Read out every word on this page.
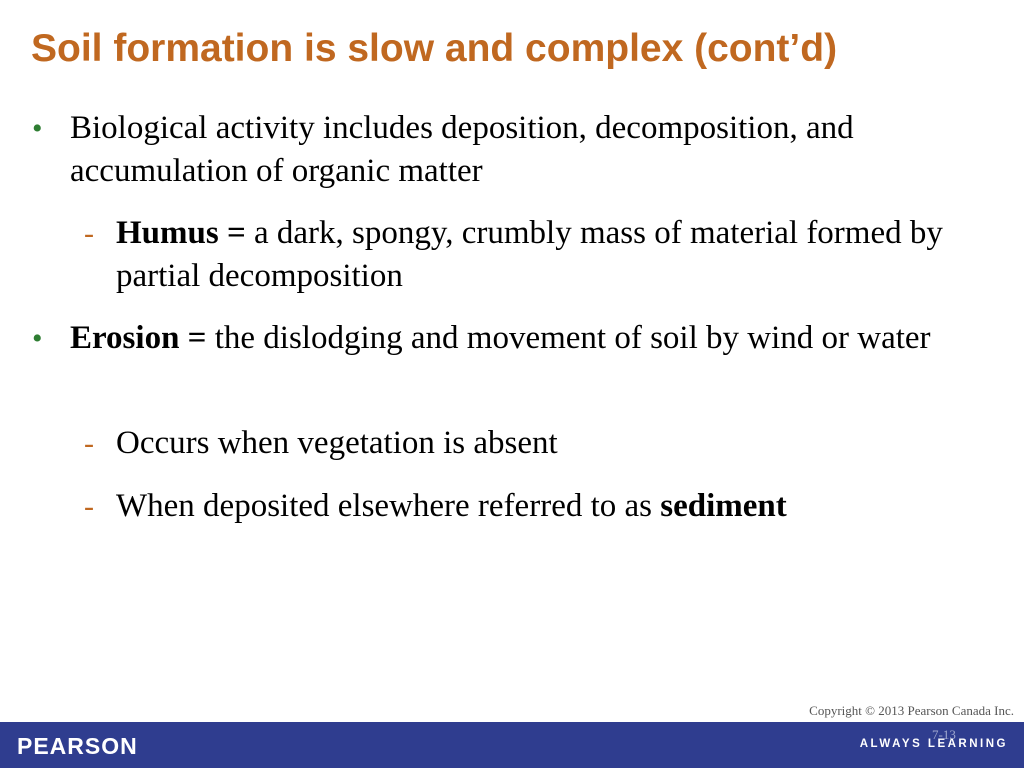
Soil formation is slow and complex (cont’d)
• Biological activity includes deposition, decomposition, and accumulation of organic matter
- Humus = a dark, spongy, crumbly mass of material formed by partial decomposition
• Erosion = the dislodging and movement of soil by wind or water
- Occurs when vegetation is absent
- When deposited elsewhere referred to as sediment
Copyright © 2013 Pearson Canada Inc.
PEARSON	7-13
ALWAYS LEARNING
